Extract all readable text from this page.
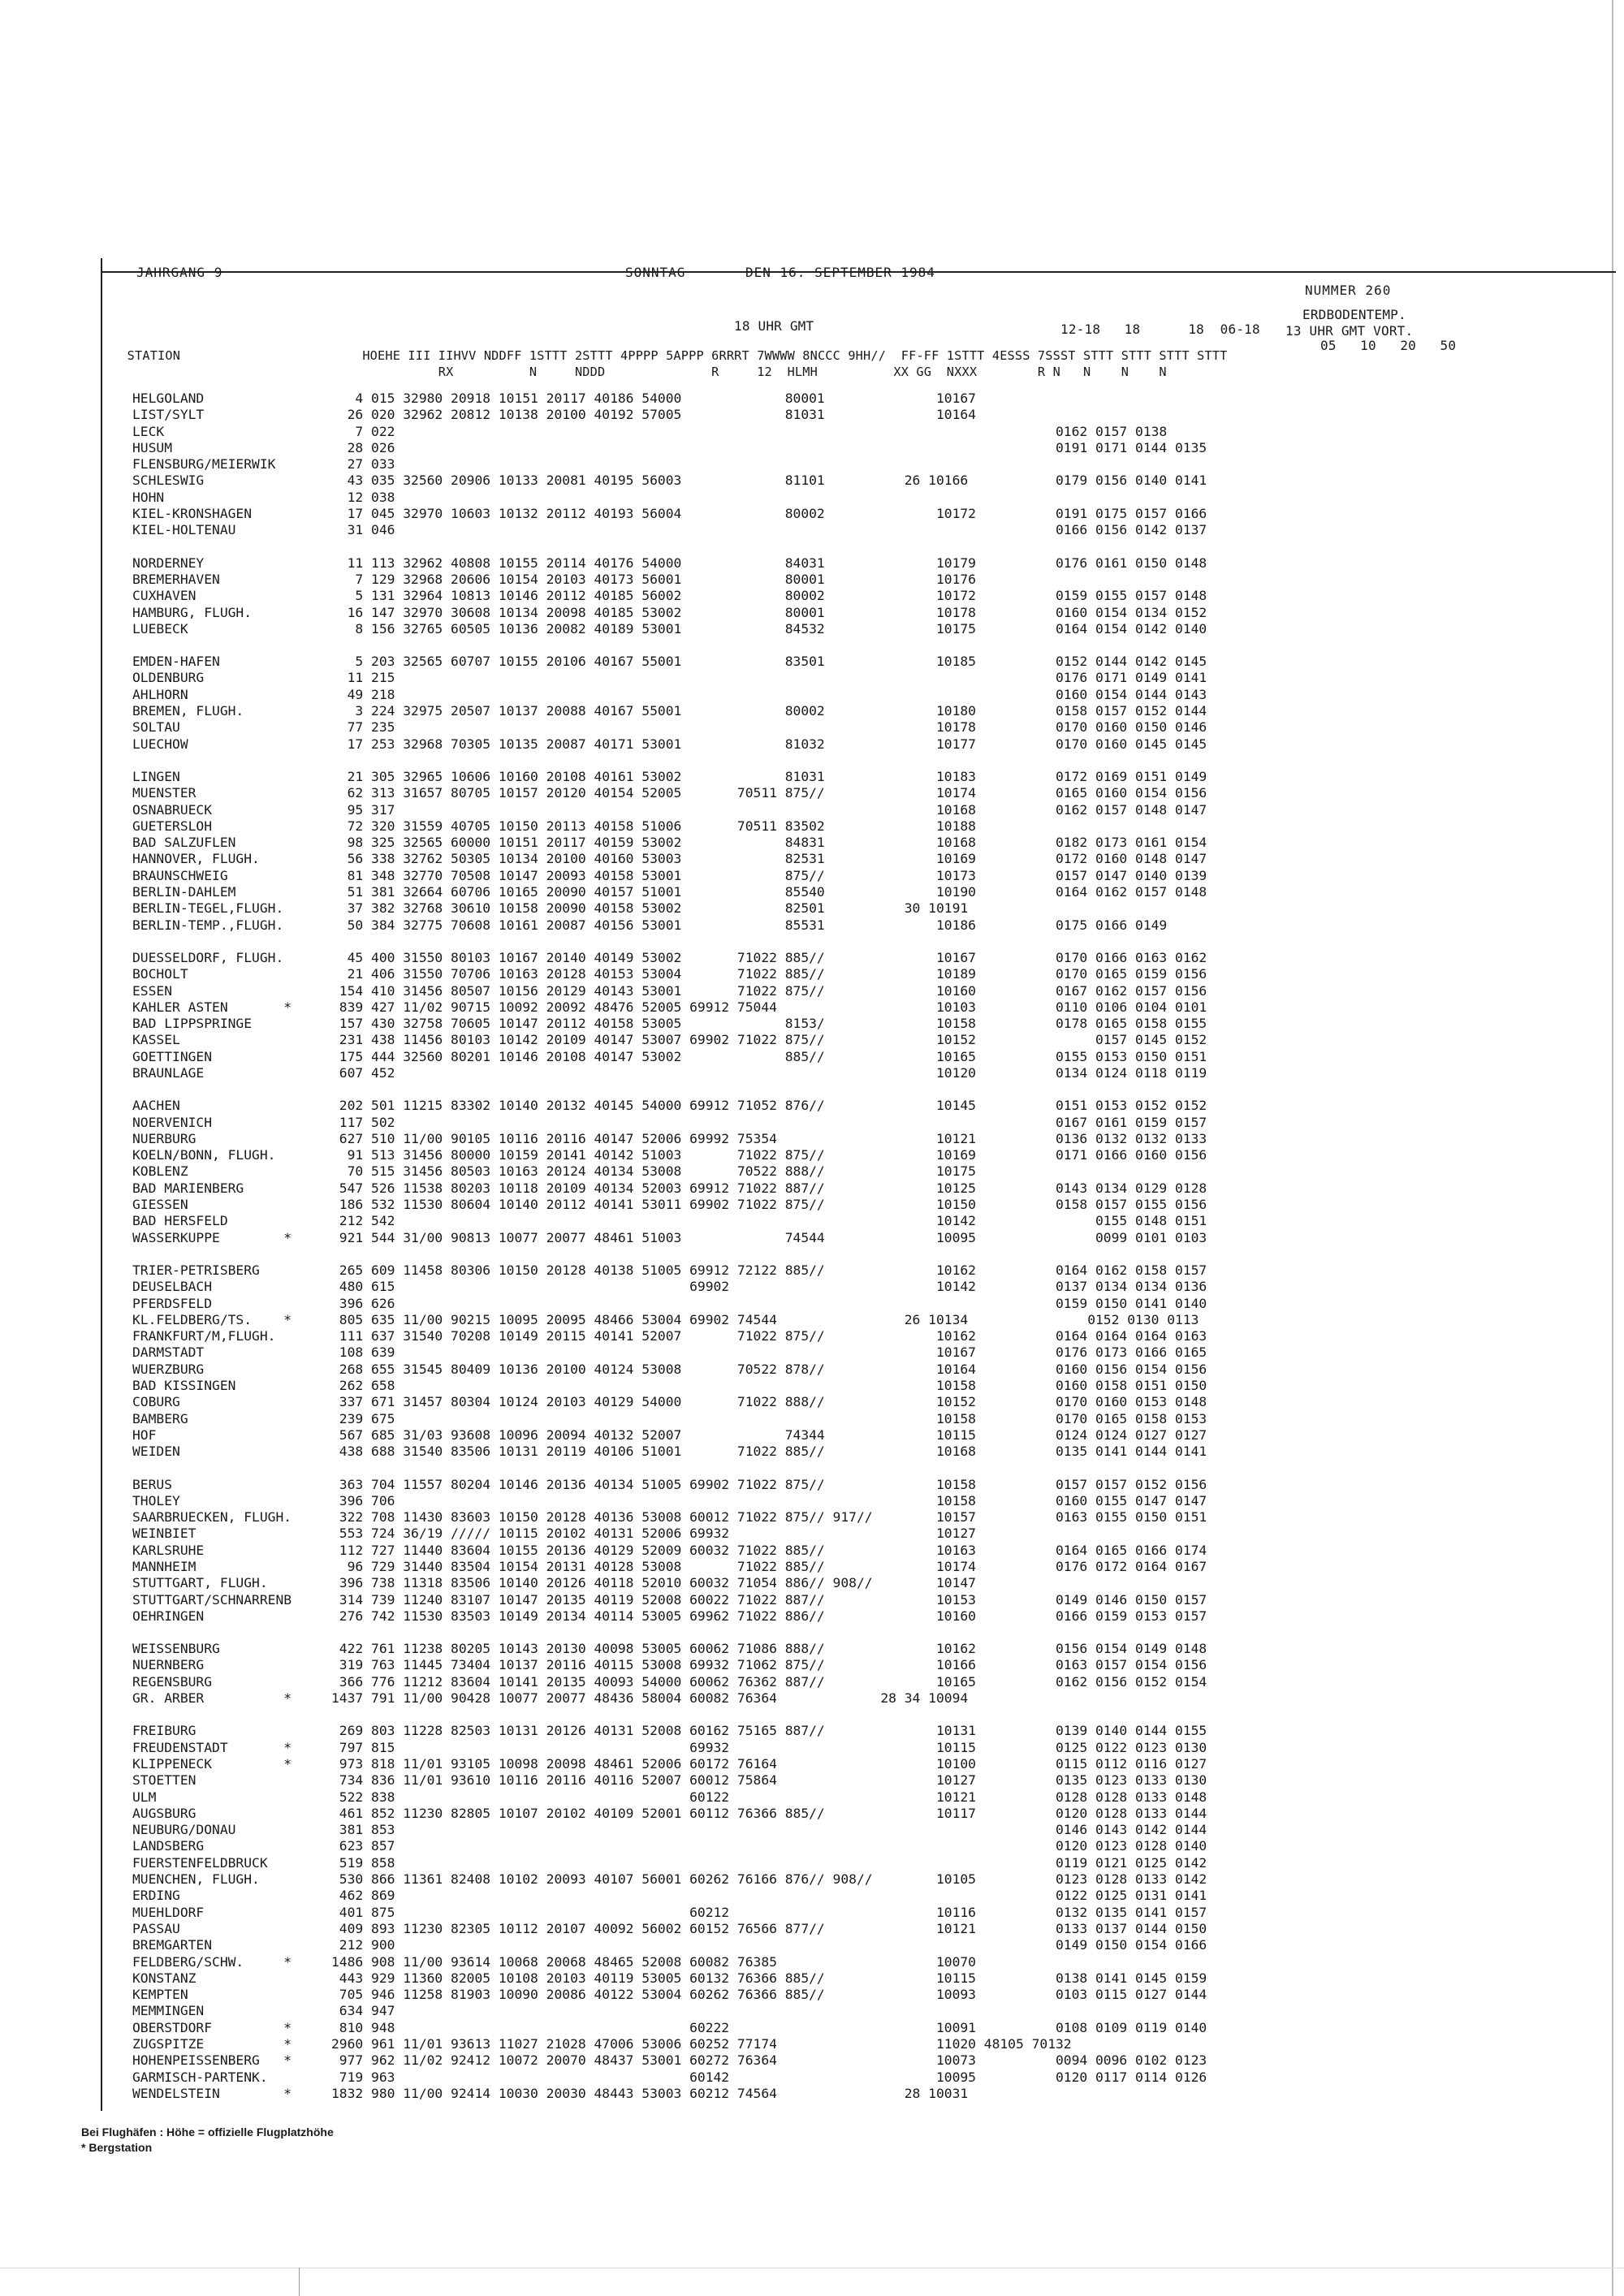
JAHRGANG 9	SONNTAG	DEN 16. SEPTEMBER 1984
NUMMER 260
18 UHR GMT
ERDBODENTEMP.
12-18   18      18  06-18 13 UHR GMT VORT.
05   10   20   50
STATION                        HOEHE III IIHVV NDDFF 1STTT 2STTT 4PPPP 5APPP 6RRRT 7WWWW 8NCCC 9HH//  FF-FF 1STTT 4ESSS 7SSST STTT STTT STTT STTT
RX          N     NDDD              R     12  HLMH          XX GG  NXXX        R N   N    N    N
HELGOLAND
LIST/SYLT
LECK
HUSUM
FLENSBURG/MEIERWIK
SCHLESWIG
HOHN
KIEL-KRONSHAGEN
KIEL-HOLTENAU
NORDERNEY
BREMERHAVEN
CUXHAVEN
HAMBURG, FLUGH.
LUEBECK
EMDEN-HAFEN
OLDENBURG
AHLHORN
BREMEN, FLUGH.
SOLTAU
LUECHOW
LINGEN
MUENSTER
OSNABRUECK
GUETERSLOH
BAD SALZUFLEN
HANNOVER, FLUGH.
BRAUNSCHWEIG
BERLIN-DAHLEM
BERLIN-TEGEL,FLUGH.
BERLIN-TEMP.,FLUGH.
DUESSELDORF, FLUGH.
BOCHOLT
ESSEN
KAHLER ASTEN       *
BAD LIPPSPRINGE
KASSEL
GOETTINGEN
BRAUNLAGE
AACHEN
NOERVENICH
NUERBURG
KOELN/BONN, FLUGH.
KOBLENZ
BAD MARIENBERG
GIESSEN
BAD HERSFELD
WASSERKUPPE        *
TRIER-PETRISBERG
DEUSELBACH
PFERDSFELD
KL.FELDBERG/TS.    *
FRANKFURT/M,FLUGH.
DARMSTADT
WUERZBURG
BAD KISSINGEN
COBURG
BAMBERG
HOF
WEIDEN
BERUS
THOLEY
SAARBRUECKEN, FLUGH.
WEINBIET
KARLSRUHE
MANNHEIM
STUTTGART, FLUGH.
STUTTGART/SCHNARRENB
OEHRINGEN
WEISSENBURG
NUERNBERG
REGENSBURG
GR. ARBER          *
FREIBURG
FREUDENSTADT       *
KLIPPENECK         *
STOETTEN
ULM
AUGSBURG
NEUBURG/DONAU
LANDSBERG
FUERSTENFELDBRUCK
MUENCHEN, FLUGH.
ERDING
MUEHLDORF
PASSAU
BREMGARTEN
FELDBERG/SCHW.     *
KONSTANZ
KEMPTEN
MEMMINGEN
OBERSTDORF         *
ZUGSPITZE          *
HOHENPEISSENBERG   *
GARMISCH-PARTENK.
WENDELSTEIN        *
4 015 32980 20918 10151 20117 40186 54000             80001              10167
26 020 32962 20812 10138 20100 40192 57005             81031              10164
7 022                                                                                   0162 0157 0138
28 026                                                                                   0191 0171 0144 0135
27 033
43 035 32560 20906 10133 20081 40195 56003             81101          26 10166           0179 0156 0140 0141
12 038
17 045 32970 10603 10132 20112 40193 56004             80002              10172          0191 0175 0157 0166
31 046                                                                                   0166 0156 0142 0137
11 113 32962 40808 10155 20114 40176 54000             84031              10179          0176 0161 0150 0148
7 129 32968 20606 10154 20103 40173 56001             80001              10176
5 131 32964 10813 10146 20112 40185 56002             80002              10172          0159 0155 0157 0148
16 147 32970 30608 10134 20098 40185 53002             80001              10178          0160 0154 0134 0152
8 156 32765 60505 10136 20082 40189 53001             84532              10175          0164 0154 0142 0140
5 203 32565 60707 10155 20106 40167 55001             83501              10185          0152 0144 0142 0145
11 215                                                                                   0176 0171 0149 0141
49 218                                                                                   0160 0154 0144 0143
3 224 32975 20507 10137 20088 40167 55001             80002              10180          0158 0157 0152 0144
77 235                                                                    10178          0170 0160 0150 0146
17 253 32968 70305 10135 20087 40171 53001             81032              10177          0170 0160 0145 0145
21 305 32965 10606 10160 20108 40161 53002             81031              10183          0172 0169 0151 0149
62 313 31657 80705 10157 20120 40154 52005       70511 875//              10174          0165 0160 0154 0156
95 317                                                                    10168          0162 0157 0148 0147
72 320 31559 40705 10150 20113 40158 51006       70511 83502              10188
98 325 32565 60000 10151 20117 40159 53002             84831              10168          0182 0173 0161 0154
56 338 32762 50305 10134 20100 40160 53003             82531              10169          0172 0160 0148 0147
81 348 32770 70508 10147 20093 40158 53001             875//              10173          0157 0147 0140 0139
51 381 32664 60706 10165 20090 40157 51001             85540              10190          0164 0162 0157 0148
37 382 32768 30610 10158 20090 40158 53002             82501          30 10191
50 384 32775 70608 10161 20087 40156 53001             85531              10186          0175 0166 0149
45 400 31550 80103 10167 20140 40149 53002       71022 885//              10167          0170 0166 0163 0162
21 406 31550 70706 10163 20128 40153 53004       71022 885//              10189          0170 0165 0159 0156
154 410 31456 80507 10156 20129 40143 53001       71022 875//              10160          0167 0162 0157 0156
839 427 11/02 90715 10092 20092 48476 52005 69912 75044                    10103          0110 0106 0104 0101
157 430 32758 70605 10147 20112 40158 53005             8153/              10158          0178 0165 0158 0155
231 438 11456 80103 10142 20109 40147 53007 69902 71022 875//              10152               0157 0145 0152
175 444 32560 80201 10146 20108 40147 53002             885//              10165          0155 0153 0150 0151
607 452                                                                    10120          0134 0124 0118 0119
202 501 11215 83302 10140 20132 40145 54000 69912 71052 876//              10145          0151 0153 0152 0152
117 502                                                                                   0167 0161 0159 0157
627 510 11/00 90105 10116 20116 40147 52006 69992 75354                    10121          0136 0132 0132 0133
91 513 31456 80000 10159 20141 40142 51003       71022 875//              10169          0171 0166 0160 0156
70 515 31456 80503 10163 20124 40134 53008       70522 888//              10175
547 526 11538 80203 10118 20109 40134 52003 69912 71022 887//              10125          0143 0134 0129 0128
186 532 11530 80604 10140 20112 40141 53011 69902 71022 875//              10150          0158 0157 0155 0156
212 542                                                                    10142               0155 0148 0151
921 544 31/00 90813 10077 20077 48461 51003             74544              10095               0099 0101 0103
265 609 11458 80306 10150 20128 40138 51005 69912 72122 885//              10162          0164 0162 0158 0157
480 615                                     69902                          10142          0137 0134 0134 0136
396 626                                                                                   0159 0150 0141 0140
805 635 11/00 90215 10095 20095 48466 53004 69902 74544                26 10134               0152 0130 0113
111 637 31540 70208 10149 20115 40141 52007       71022 875//              10162          0164 0164 0164 0163
108 639                                                                    10167          0176 0173 0166 0165
268 655 31545 80409 10136 20100 40124 53008       70522 878//              10164          0160 0156 0154 0156
262 658                                                                    10158          0160 0158 0151 0150
337 671 31457 80304 10124 20103 40129 54000       71022 888//              10152          0170 0160 0153 0148
239 675                                                                    10158          0170 0165 0158 0153
567 685 31/03 93608 10096 20094 40132 52007             74344              10115          0124 0124 0127 0127
438 688 31540 83506 10131 20119 40106 51001       71022 885//              10168          0135 0141 0144 0141
363 704 11557 80204 10146 20136 40134 51005 69902 71022 875//              10158          0157 0157 0152 0156
396 706                                                                    10158          0160 0155 0147 0147
322 708 11430 83603 10150 20128 40136 53008 60012 71022 875// 917//        10157          0163 0155 0150 0151
553 724 36/19 ///// 10115 20102 40131 52006 69932                          10127
112 727 11440 83604 10155 20136 40129 52009 60032 71022 885//              10163          0164 0165 0166 0174
96 729 31440 83504 10154 20131 40128 53008       71022 885//              10174          0176 0172 0164 0167
396 738 11318 83506 10140 20126 40118 52010 60032 71054 886// 908//        10147
314 739 11240 83107 10147 20135 40119 52008 60022 71022 887//              10153          0149 0146 0150 0157
276 742 11530 83503 10149 20134 40114 53005 69962 71022 886//              10160          0166 0159 0153 0157
422 761 11238 80205 10143 20130 40098 53005 60062 71086 888//              10162          0156 0154 0149 0148
319 763 11445 73404 10137 20116 40115 53008 69932 71062 875//              10166          0163 0157 0154 0156
366 776 11212 83604 10141 20135 40093 54000 60062 76362 887//              10165          0162 0156 0152 0154
1437 791 11/00 90428 10077 20077 48436 58004 60082 76364             28 34 10094
269 803 11228 82503 10131 20126 40131 52008 60162 75165 887//              10131          0139 0140 0144 0155
797 815                                     69932                          10115          0125 0122 0123 0130
973 818 11/01 93105 10098 20098 48461 52006 60172 76164                    10100          0115 0112 0116 0127
734 836 11/01 93610 10116 20116 40116 52007 60012 75864                    10127          0135 0123 0133 0130
522 838                                     60122                          10121          0128 0128 0133 0148
461 852 11230 82805 10107 20102 40109 52001 60112 76366 885//              10117          0120 0128 0133 0144
381 853                                                                                   0146 0143 0142 0144
623 857                                                                                   0120 0123 0128 0140
519 858                                                                                   0119 0121 0125 0142
530 866 11361 82408 10102 20093 40107 56001 60262 76166 876// 908//        10105          0123 0128 0133 0142
462 869                                                                                   0122 0125 0131 0141
401 875                                     60212                          10116          0132 0135 0141 0157
409 893 11230 82305 10112 20107 40092 56002 60152 76566 877//              10121          0133 0137 0144 0150
212 900                                                                                   0149 0150 0154 0166
1486 908 11/00 93614 10068 20068 48465 52008 60082 76385                    10070
443 929 11360 82005 10108 20103 40119 53005 60132 76366 885//              10115          0138 0141 0145 0159
705 946 11258 81903 10090 20086 40122 53004 60262 76366 885//              10093          0103 0115 0127 0144
634 947
810 948                                     60222                          10091          0108 0109 0119 0140
2960 961 11/01 93613 11027 21028 47006 53006 60252 77174                    11020 48105 70132
977 962 11/02 92412 10072 20070 48437 53001 60272 76364                    10073          0094 0096 0102 0123
719 963                                     60142                          10095          0120 0117 0114 0126
1832 980 11/00 92414 10030 20030 48443 53003 60212 74564                28 10031
Bei Flughäfen : Höhe = offizielle Flugplatzhöhe
* Bergstation
